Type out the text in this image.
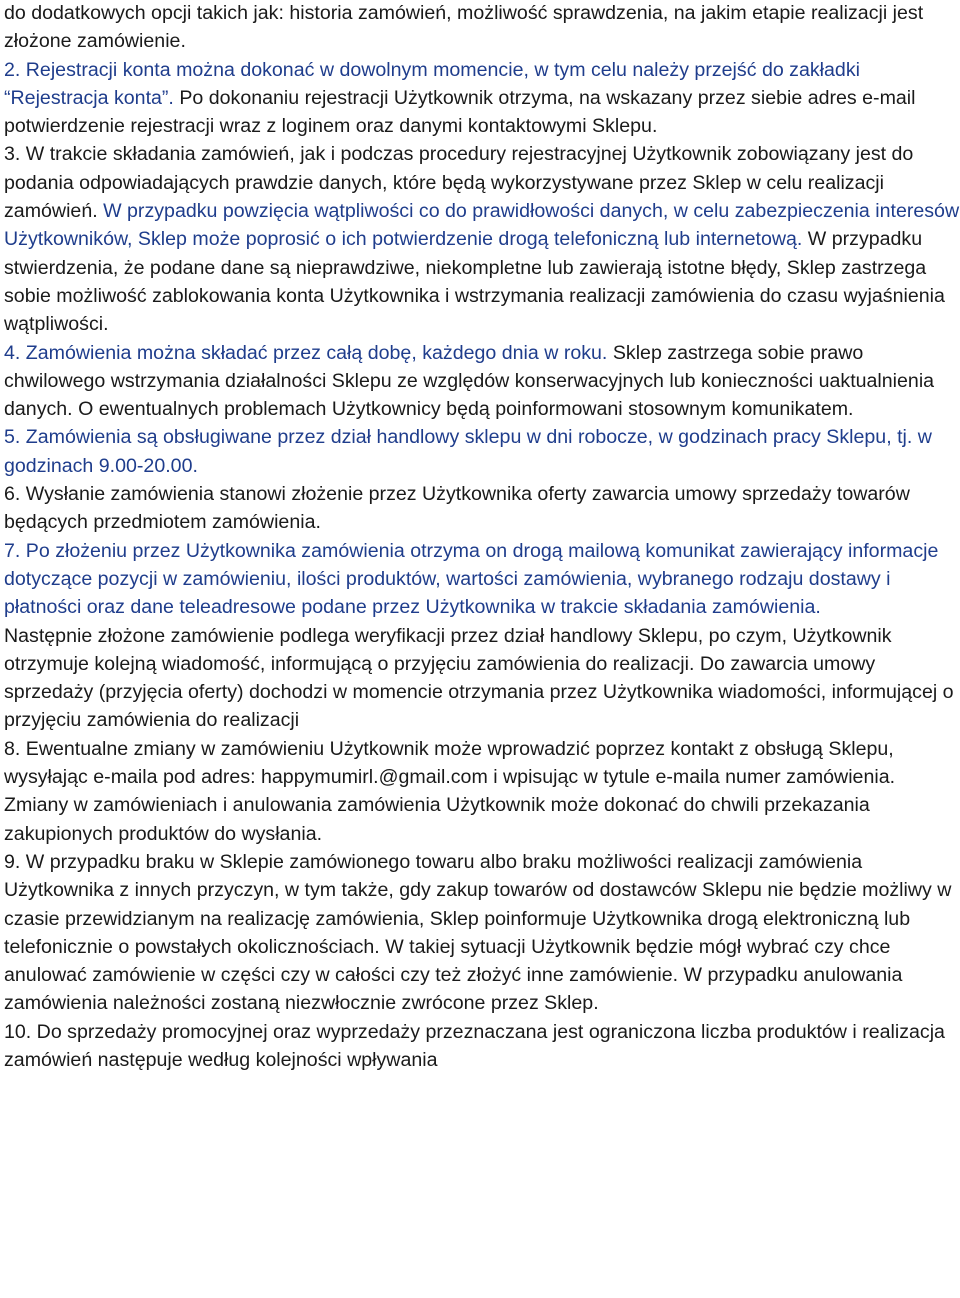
do dodatkowych opcji takich jak: historia zamówień, możliwość sprawdzenia, na jakim etapie realizacji jest złożone zamówienie.

2. Rejestracji konta można dokonać w dowolnym momencie, w tym celu należy przejść do zakładki “Rejestracja konta”. Po dokonaniu rejestracji Użytkownik otrzyma, na wskazany przez siebie adres e-mail potwierdzenie rejestracji wraz z loginem oraz danymi kontaktowymi Sklepu.

3. W trakcie składania zamówień, jak i podczas procedury rejestracyjnej Użytkownik zobowiązany jest do podania odpowiadających prawdzie danych, które będą wykorzystywane przez Sklep w celu realizacji zamówień. W przypadku powzięcia wątpliwości co do prawidłowości danych, w celu zabezpieczenia interesów Użytkowników, Sklep może poprosić o ich potwierdzenie drogą telefoniczną lub internetową. W przypadku stwierdzenia, że podane dane są nieprawdziwe, niekompletne lub zawierają istotne błędy, Sklep zastrzega sobie możliwość zablokowania konta Użytkownika i wstrzymania realizacji zamówienia do czasu wyjaśnienia wątpliwości.

4. Zamówienia można składać przez całą dobę, każdego dnia w roku. Sklep zastrzega sobie prawo chwilowego wstrzymania działalności Sklepu ze względów konserwacyjnych lub konieczności uaktualnienia danych. O ewentualnych problemach Użytkownicy będą poinformowani stosownym komunikatem.

5. Zamówienia są obsługiwane przez dział handlowy sklepu w dni robocze, w godzinach pracy Sklepu, tj. w godzinach 9.00-20.00.

6. Wysłanie zamówienia stanowi złożenie przez Użytkownika oferty zawarcia umowy sprzedaży towarów będących przedmiotem zamówienia.

7. Po złożeniu przez Użytkownika zamówienia otrzyma on drogą mailową komunikat zawierający informacje dotyczące pozycji w zamówieniu, ilości produktów, wartości zamówienia, wybranego rodzaju dostawy i płatności oraz dane teleadresowe podane przez Użytkownika w trakcie składania zamówienia.

Następnie złożone zamówienie podlega weryfikacji przez dział handlowy Sklepu, po czym, Użytkownik otrzymuje kolejną wiadomość, informującą o przyjęciu zamówienia do realizacji. Do zawarcia umowy sprzedaży (przyjęcia oferty) dochodzi w momencie otrzymania przez Użytkownika wiadomości, informującej o przyjęciu zamówienia do realizacji

8. Ewentualne zmiany w zamówieniu Użytkownik może wprowadzić poprzez kontakt z obsługą Sklepu, wysyłając e-maila pod adres: happymumirl.@gmail.com i wpisując w tytule e-maila numer zamówienia. Zmiany w zamówieniach i anulowania zamówienia Użytkownik może dokonać do chwili przekazania zakupionych produktów do wysłania.

9. W przypadku braku w Sklepie zamówionego towaru albo braku możliwości realizacji zamówienia Użytkownika z innych przyczyn, w tym także, gdy zakup towarów od dostawców Sklepu nie będzie możliwy w czasie przewidzianym na realizację zamówienia, Sklep poinformuje Użytkownika drogą elektroniczną lub telefonicznie o powstałych okolicznościach. W takiej sytuacji Użytkownik będzie mógł wybrać czy chce anulować zamówienie w części czy w całości czy też złożyć inne zamówienie. W przypadku anulowania zamówienia należności zostaną niezwłocznie zwrócone przez Sklep.

10. Do sprzedaży promocyjnej oraz wyprzedaży przeznaczana jest ograniczona liczba produktów i realizacja zamówień następuje według kolejności wpływania
